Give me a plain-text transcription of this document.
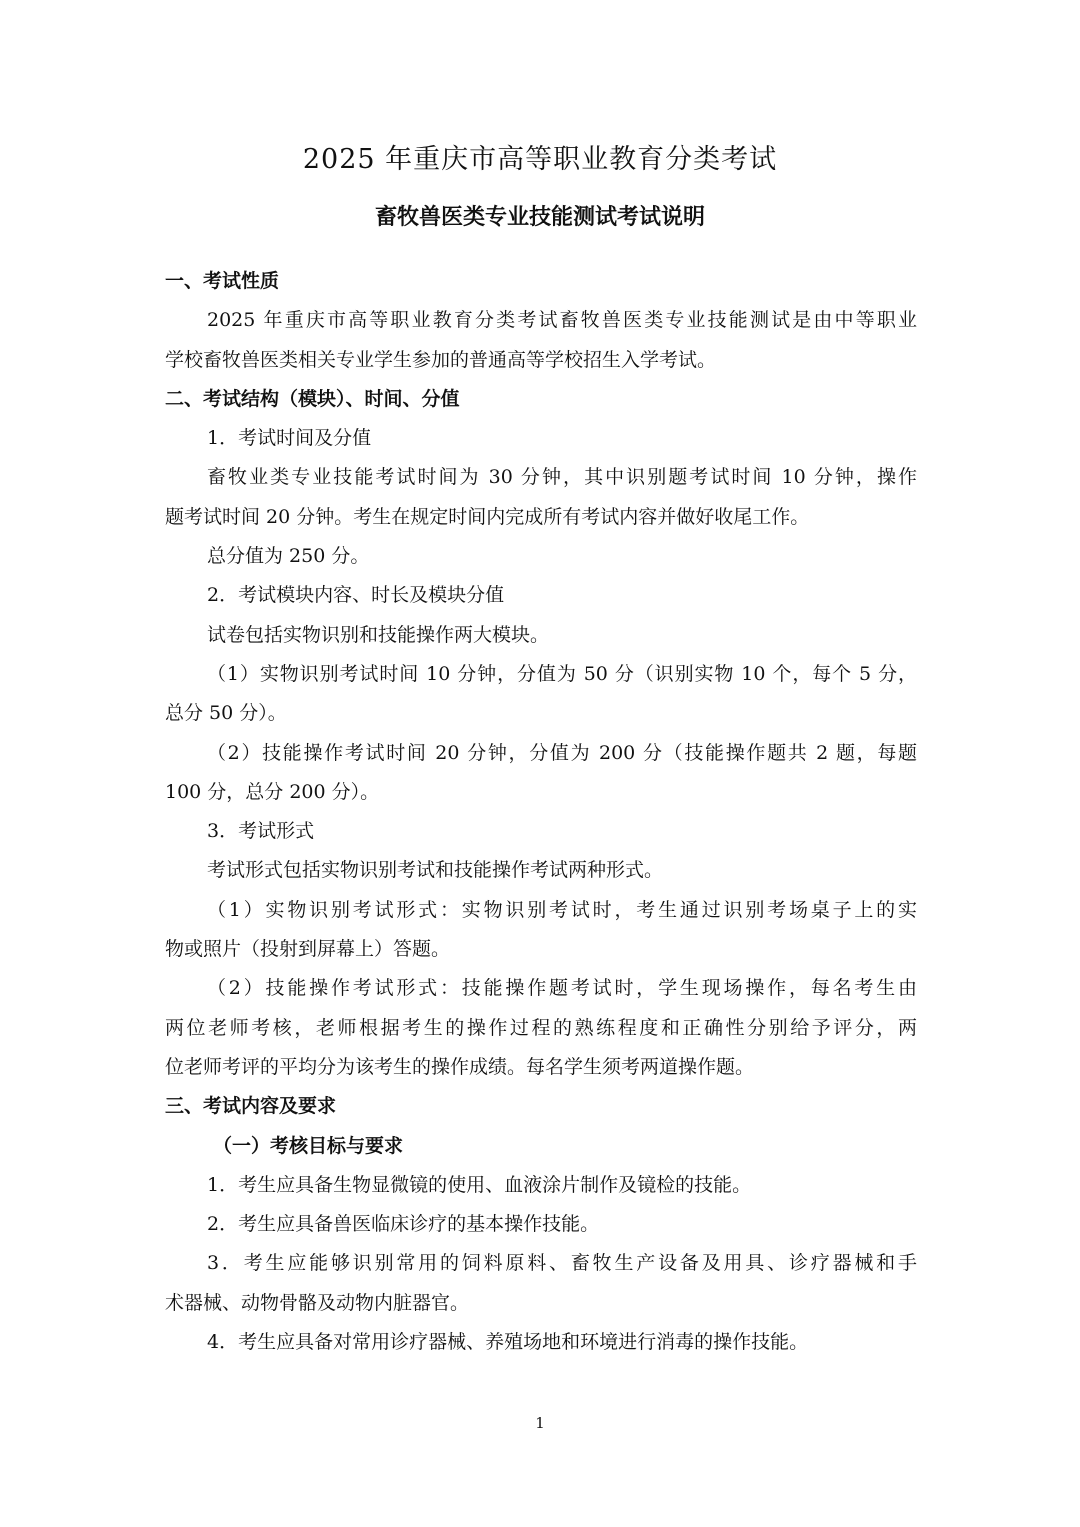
2025 年重庆市高等职业教育分类考试
畜牧兽医类专业技能测试考试说明
一、考试性质
2025 年重庆市高等职业教育分类考试畜牧兽医类专业技能测试是由中等职业
学校畜牧兽医类相关专业学生参加的普通高等学校招生入学考试。
二、考试结构（模块）、时间、分值
1．考试时间及分值
畜牧业类专业技能考试时间为 30 分钟，其中识别题考试时间 10 分钟，操作
题考试时间 20 分钟。考生在规定时间内完成所有考试内容并做好收尾工作。
总分值为 250 分。
2．考试模块内容、时长及模块分值
试卷包括实物识别和技能操作两大模块。
（1）实物识别考试时间 10 分钟，分值为 50 分（识别实物 10 个，每个 5 分，
总分 50 分）。
（2）技能操作考试时间 20 分钟，分值为 200 分（技能操作题共 2 题，每题
100 分，总分 200 分）。
3．考试形式
考试形式包括实物识别考试和技能操作考试两种形式。
（1）实物识别考试形式：实物识别考试时，考生通过识别考场桌子上的实
物或照片（投射到屏幕上）答题。
（2）技能操作考试形式：技能操作题考试时，学生现场操作，每名考生由
两位老师考核，老师根据考生的操作过程的熟练程度和正确性分别给予评分，两
位老师考评的平均分为该考生的操作成绩。每名学生须考两道操作题。
三、考试内容及要求
（一）考核目标与要求
1．考生应具备生物显微镜的使用、血液涂片制作及镜检的技能。
2．考生应具备兽医临床诊疗的基本操作技能。
3．考生应能够识别常用的饲料原料、畜牧生产设备及用具、诊疗器械和手
术器械、动物骨骼及动物内脏器官。
4．考生应具备对常用诊疗器械、养殖场地和环境进行消毒的操作技能。
1
